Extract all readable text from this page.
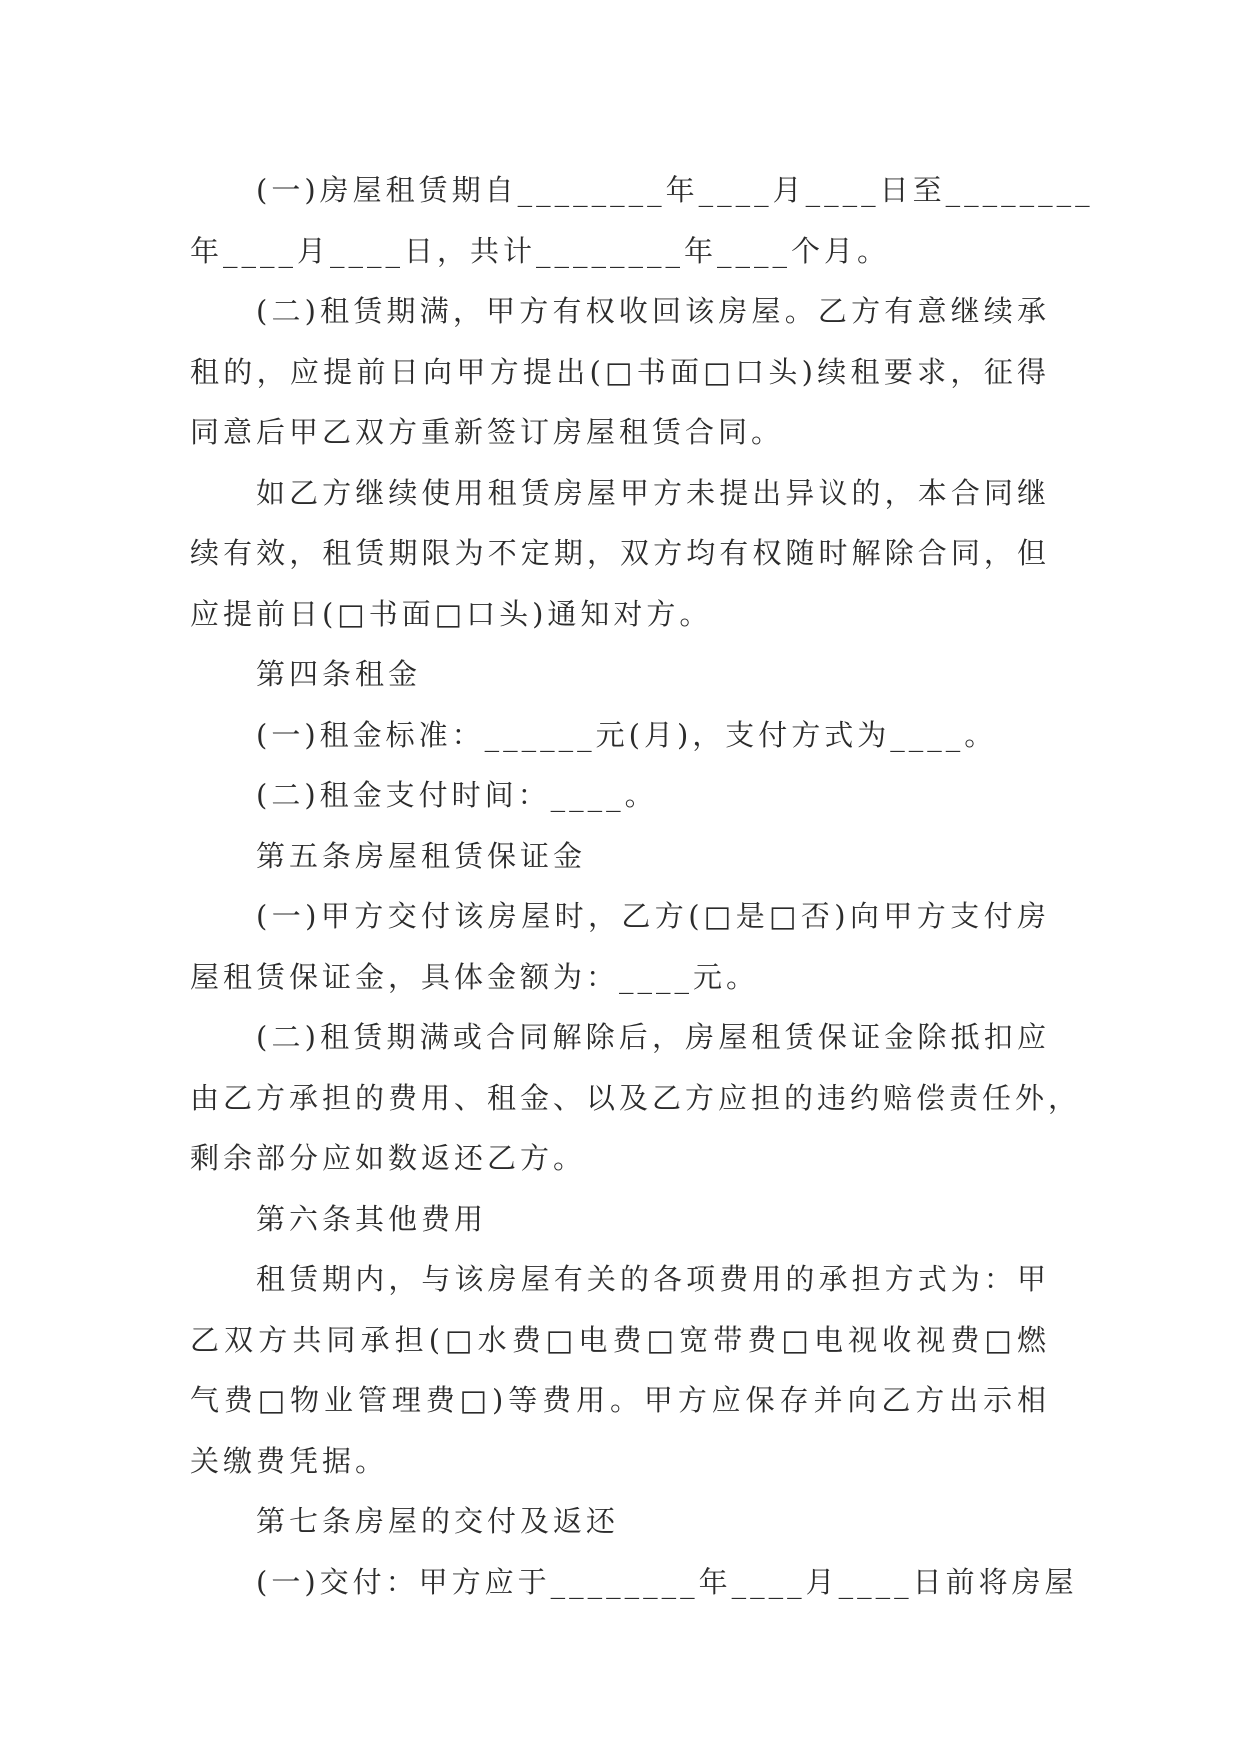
(一)房屋租赁期自________年____月____日至________
年____月____日，共计________年____个月。
(二)租赁期满，甲方有权收回该房屋。乙方有意继续承
租的，应提前日向甲方提出(□书面□口头)续租要求，征得
同意后甲乙双方重新签订房屋租赁合同。
如乙方继续使用租赁房屋甲方未提出异议的，本合同继
续有效，租赁期限为不定期，双方均有权随时解除合同，但
应提前日(□书面□口头)通知对方。
第四条租金
(一)租金标准：______元(月)，支付方式为____。
(二)租金支付时间：____。
第五条房屋租赁保证金
(一)甲方交付该房屋时，乙方(□是□否)向甲方支付房
屋租赁保证金，具体金额为：____元。
(二)租赁期满或合同解除后，房屋租赁保证金除抵扣应
由乙方承担的费用、租金、以及乙方应担的违约赔偿责任外，
剩余部分应如数返还乙方。
第六条其他费用
租赁期内，与该房屋有关的各项费用的承担方式为：甲
乙双方共同承担(□水费□电费□宽带费□电视收视费□燃
气费□物业管理费□)等费用。甲方应保存并向乙方出示相
关缴费凭据。
第七条房屋的交付及返还
(一)交付：甲方应于________年____月____日前将房屋
